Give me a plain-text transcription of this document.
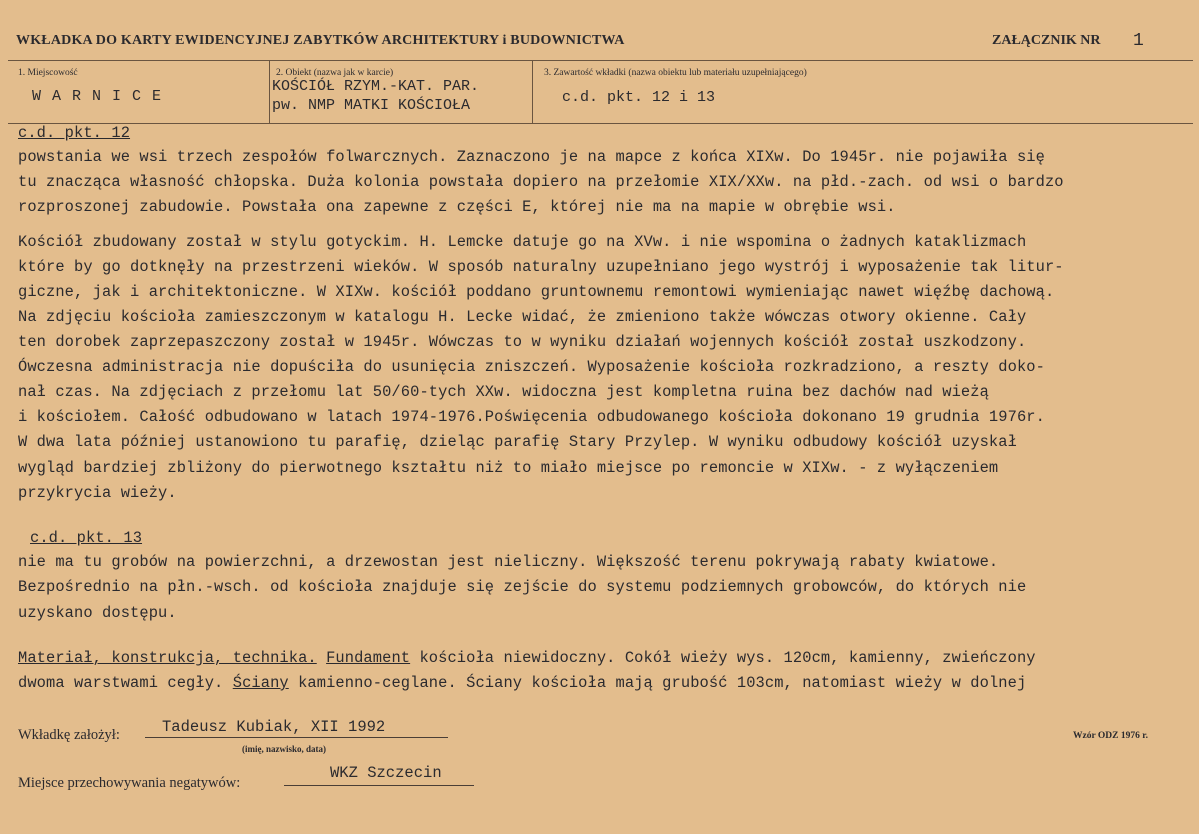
WKŁADKA DO KARTY EWIDENCYJNEJ ZABYTKÓW ARCHITEKTURY i BUDOWNICTWA	ZAŁĄCZNIK NR 1
1. Miejscowość
W A R N I C E
2. Obiekt (nazwa jak w karcie)
KOŚCIÓŁ RZYM.-KAT. PAR.
pw. NMP MATKI KOŚCIOŁA
3. Zawartość wkładki (nazwa obiektu lub materiału uzupełniającego)
c.d. pkt. 12 i 13
c.d. pkt. 12
powstania we wsi trzech zespołów folwarcznych. Zaznaczono je na mapce z końca XIXw. Do 1945r. nie pojawiła się
tu znacząca własność chłopska. Duża kolonia powstała dopiero na przełomie XIX/XXw. na płd.-zach. od wsi o bardzo
rozproszonej zabudowie. Powstała ona zapewne z części E, której nie ma na mapie w obrębie wsi.
Kościół zbudowany został w stylu gotyckim. H. Lemcke datuje go na XVw. i nie wspomina o żadnych kataklizmach
które by go dotknęły na przestrzeni wieków. W sposób naturalny uzupełniano jego wystrój i wyposażenie tak litur-
giczne, jak i architektoniczne. W XIXw. kościół poddano gruntownemu remontowi wymieniając nawet więźbę dachową.
Na zdjęciu kościoła zamieszczonym w katalogu H. Lecke widać, że zmieniono także wówczas otwory okienne. Cały
ten dorobek zaprzepaszczony został w 1945r. Wówczas to w wyniku działań wojennych kościół został uszkodzony.
Ówczesna administracja nie dopuściła do usunięcia zniszczeń. Wyposażenie kościoła rozkradziono, a reszty doko-
nał czas. Na zdjęciach z przełomu lat 50/60-tych XXw. widoczna jest kompletna ruina bez dachów nad wieżą
i kościołem. Całość odbudowano w latach 1974-1976.Poświęcenia odbudowanego kościoła dokonano 19 grudnia 1976r.
W dwa lata później ustanowiono tu parafię, dzieląc parafię Stary Przylep. W wyniku odbudowy kościół uzyskał
wygląd bardziej zbliżony do pierwotnego kształtu niż to miało miejsce po remoncie w XIXw. - z wyłączeniem
przykrycia wieży.
c.d. pkt. 13
nie ma tu grobów na powierzchni, a drzewostan jest nieliczny. Większość terenu pokrywają rabaty kwiatowe.
Bezpośrednio na płn.-wsch. od kościoła znajduje się zejście do systemu podziemnych grobowców, do których nie
uzyskano dostępu.
Materiał, konstrukcja, technika. Fundament kościoła niewidoczny. Cokół wieży wys. 120cm, kamienny, zwieńczony
dwoma warstwami cegły. Ściany kamienno-ceglane. Ściany kościoła mają grubość 103cm, natomiast wieży w dolnej
Wkładkę założył:	Tadeusz Kubiak, XII 1992
(imię, nazwisko, data)
Wzór ODZ 1976 r.
Miejsce przechowywania negatywów:
WKZ Szczecin
